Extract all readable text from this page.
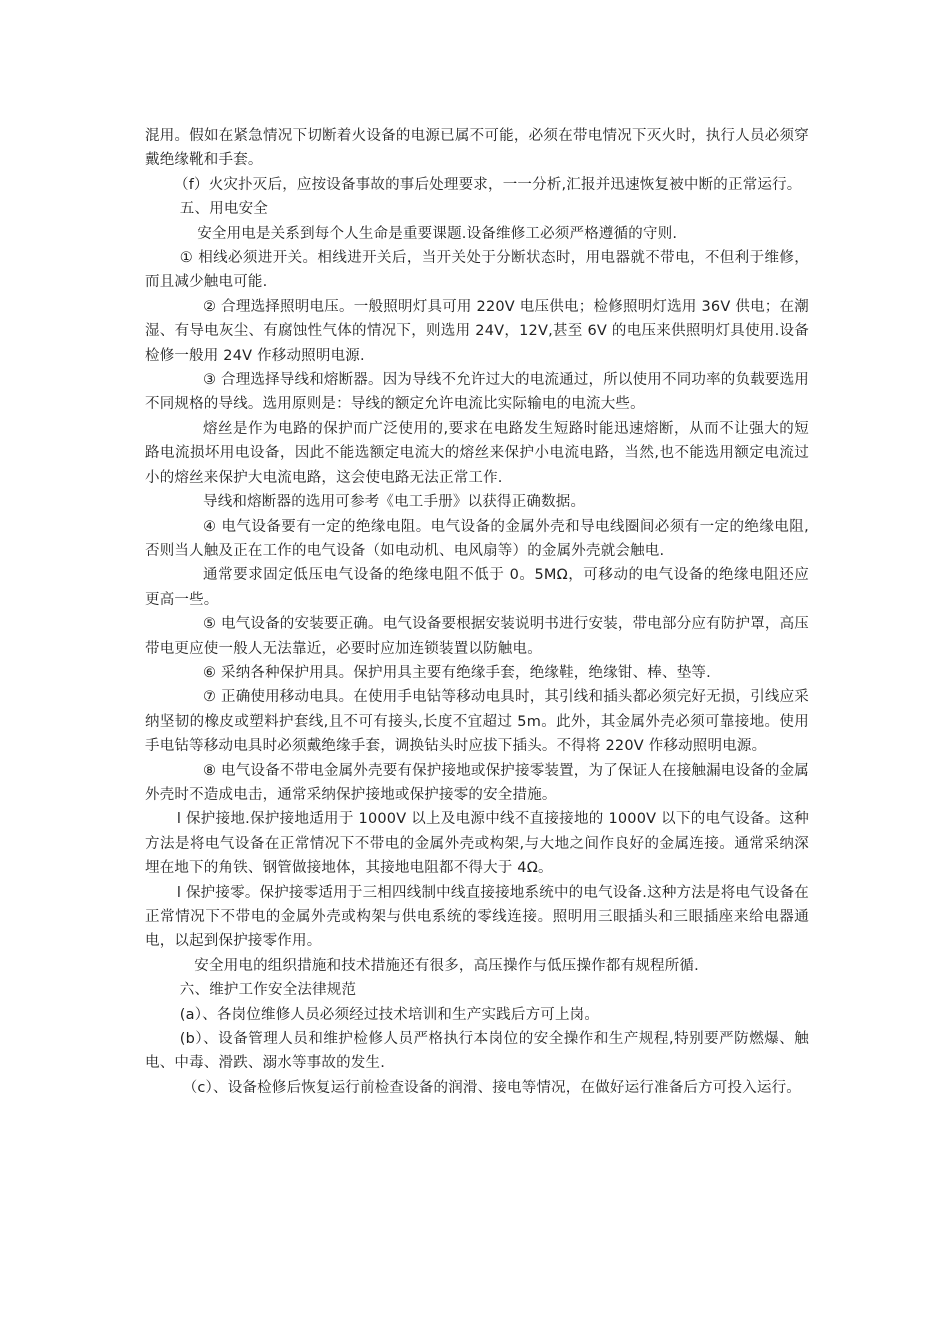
混用。假如在紧急情况下切断着火设备的电源已属不可能，必须在带电情况下灭火时，执行人员必须穿戴绝缘靴和手套。

（f）火灾扑灭后，应按设备事故的事后处理要求，一一分析,汇报并迅速恢复被中断的正常运行。

五、用电安全

安全用电是关系到每个人生命是重要课题.设备维修工必须严格遵循的守则.

① 相线必须进开关。相线进开关后，当开关处于分断状态时，用电器就不带电，不但利于维修，而且减少触电可能.

② 合理选择照明电压。一般照明灯具可用 220V 电压供电；检修照明灯选用 36V 供电；在潮湿、有导电灰尘、有腐蚀性气体的情况下，则选用 24V，12V,甚至 6V 的电压来供照明灯具使用.设备检修一般用 24V 作移动照明电源.

③ 合理选择导线和熔断器。因为导线不允许过大的电流通过，所以使用不同功率的负载要选用不同规格的导线。选用原则是：导线的额定允许电流比实际输电的电流大些。

熔丝是作为电路的保护而广泛使用的,要求在电路发生短路时能迅速熔断，从而不让强大的短路电流损坏用电设备，因此不能选额定电流大的熔丝来保护小电流电路，当然,也不能选用额定电流过小的熔丝来保护大电流电路，这会使电路无法正常工作.

导线和熔断器的选用可参考《电工手册》以获得正确数据。

④ 电气设备要有一定的绝缘电阻。电气设备的金属外壳和导电线圈间必须有一定的绝缘电阻,否则当人触及正在工作的电气设备（如电动机、电风扇等）的金属外壳就会触电.

通常要求固定低压电气设备的绝缘电阻不低于 0。5MΩ，可移动的电气设备的绝缘电阻还应更高一些。

⑤ 电气设备的安装要正确。电气设备要根据安装说明书进行安装，带电部分应有防护罩，高压带电更应使一般人无法靠近，必要时应加连锁装置以防触电。

⑥ 采纳各种保护用具。保护用具主要有绝缘手套，绝缘鞋，绝缘钳、棒、垫等.

⑦ 正确使用移动电具。在使用手电钻等移动电具时，其引线和插头都必须完好无损，引线应采纳坚韧的橡皮或塑料护套线,且不可有接头,长度不宜超过 5m。此外，其金属外壳必须可靠接地。使用手电钻等移动电具时必须戴绝缘手套，调换钻头时应拔下插头。不得将 220V 作移动照明电源。

⑧ 电气设备不带电金属外壳要有保护接地或保护接零装置，为了保证人在接触漏电设备的金属外壳时不造成电击，通常采纳保护接地或保护接零的安全措施。

l 保护接地.保护接地适用于 1000V 以上及电源中线不直接接地的 1000V 以下的电气设备。这种方法是将电气设备在正常情况下不带电的金属外壳或构架,与大地之间作良好的金属连接。通常采纳深埋在地下的角铁、钢管做接地体，其接地电阻都不得大于 4Ω。

l 保护接零。保护接零适用于三相四线制中线直接接地系统中的电气设备.这种方法是将电气设备在正常情况下不带电的金属外壳或构架与供电系统的零线连接。照明用三眼插头和三眼插座来给电器通电，以起到保护接零作用。

安全用电的组织措施和技术措施还有很多，高压操作与低压操作都有规程所循.

六、维护工作安全法律规范

(a）、各岗位维修人员必须经过技术培训和生产实践后方可上岗。

(b）、设备管理人员和维护检修人员严格执行本岗位的安全操作和生产规程,特别要严防燃爆、触电、中毒、滑跌、溺水等事故的发生.

（c）、设备检修后恢复运行前检查设备的润滑、接电等情况，在做好运行准备后方可投入运行。
